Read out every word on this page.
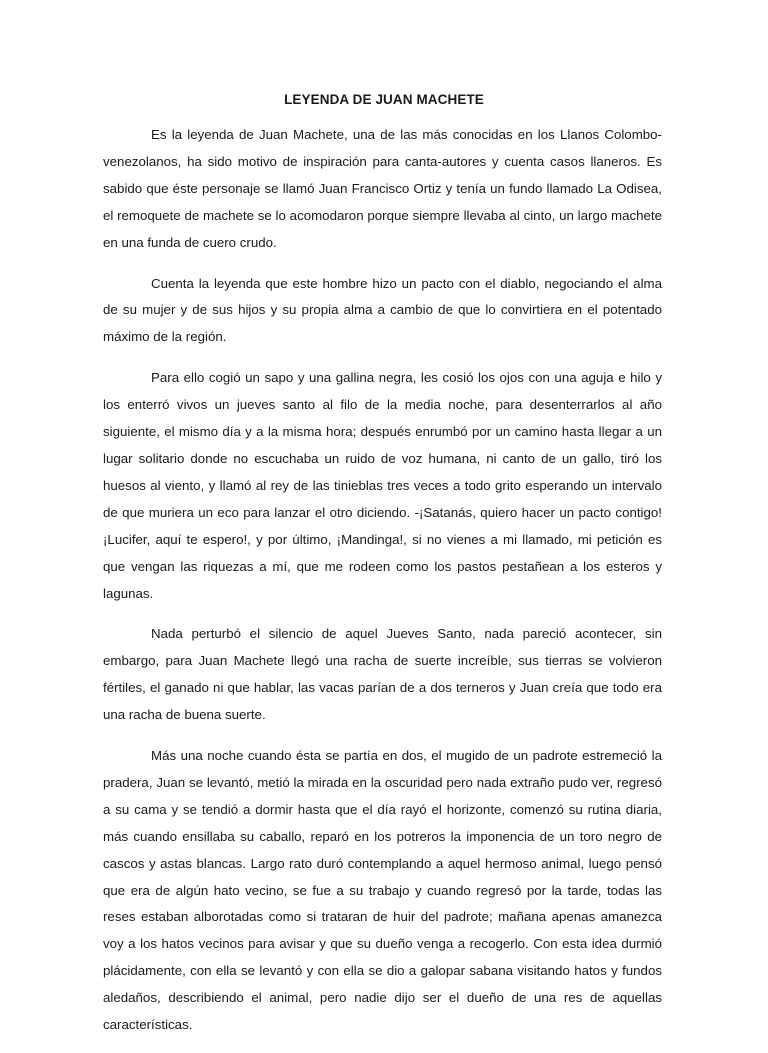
LEYENDA DE JUAN MACHETE

Es la leyenda de Juan Machete, una de las más conocidas en los Llanos Colombo-venezolanos, ha sido motivo de inspiración para canta-autores y cuenta casos llaneros. Es sabido que éste personaje se llamó Juan Francisco Ortiz y tenía un fundo llamado La Odisea, el remoquete de machete se lo acomodaron porque siempre llevaba al cinto, un largo machete en una funda de cuero crudo.

Cuenta la leyenda que este hombre hizo un pacto con el diablo, negociando el alma de su mujer y de sus hijos y su propia alma a cambio de que lo convirtiera en el potentado máximo de la región.

Para ello cogió un sapo y una gallina negra, les cosió los ojos con una aguja e hilo y los enterró vivos un jueves santo al filo de la media noche, para desenterrarlos al año siguiente, el mismo día y a la misma hora; después enrumbó por un camino hasta llegar a un lugar solitario donde no escuchaba un ruido de voz humana, ni canto de un gallo, tiró los huesos al viento, y llamó al rey de las tinieblas tres veces a todo grito esperando un intervalo de que muriera un eco para lanzar el otro diciendo. -¡Satanás, quiero hacer un pacto contigo! ¡Lucifer, aquí te espero!, y por último, ¡Mandinga!, si no vienes a mi llamado, mi petición es que vengan las riquezas a mí, que me rodeen como los pastos pestañean a los esteros y lagunas.

Nada perturbó el silencio de aquel Jueves Santo, nada pareció acontecer, sin embargo, para Juan Machete llegó una racha de suerte increíble, sus tierras se volvieron fértiles, el ganado ni que hablar, las vacas parían de a dos terneros y Juan creía que todo era una racha de buena suerte.

Más una noche cuando ésta se partía en dos, el mugido de un padrote estremeció la pradera, Juan se levantó, metió la mirada en la oscuridad pero nada extraño pudo ver, regresó a su cama y se tendió a dormir hasta que el día rayó el horizonte, comenzó su rutina diaria, más cuando ensillaba su caballo, reparó en los potreros la imponencia de un toro negro de cascos y astas blancas. Largo rato duró contemplando a aquel hermoso animal, luego pensó que era de algún hato vecino, se fue a su trabajo y cuando regresó por la tarde, todas las reses estaban alborotadas como si trataran de huir del padrote; mañana apenas amanezca voy a los hatos vecinos para avisar y que su dueño venga a recogerlo. Con esta idea durmió plácidamente, con ella se levantó y con ella se dio a galopar sabana visitando hatos y fundos aledaños, describiendo el animal, pero nadie dijo ser el dueño de una res de aquellas características.
